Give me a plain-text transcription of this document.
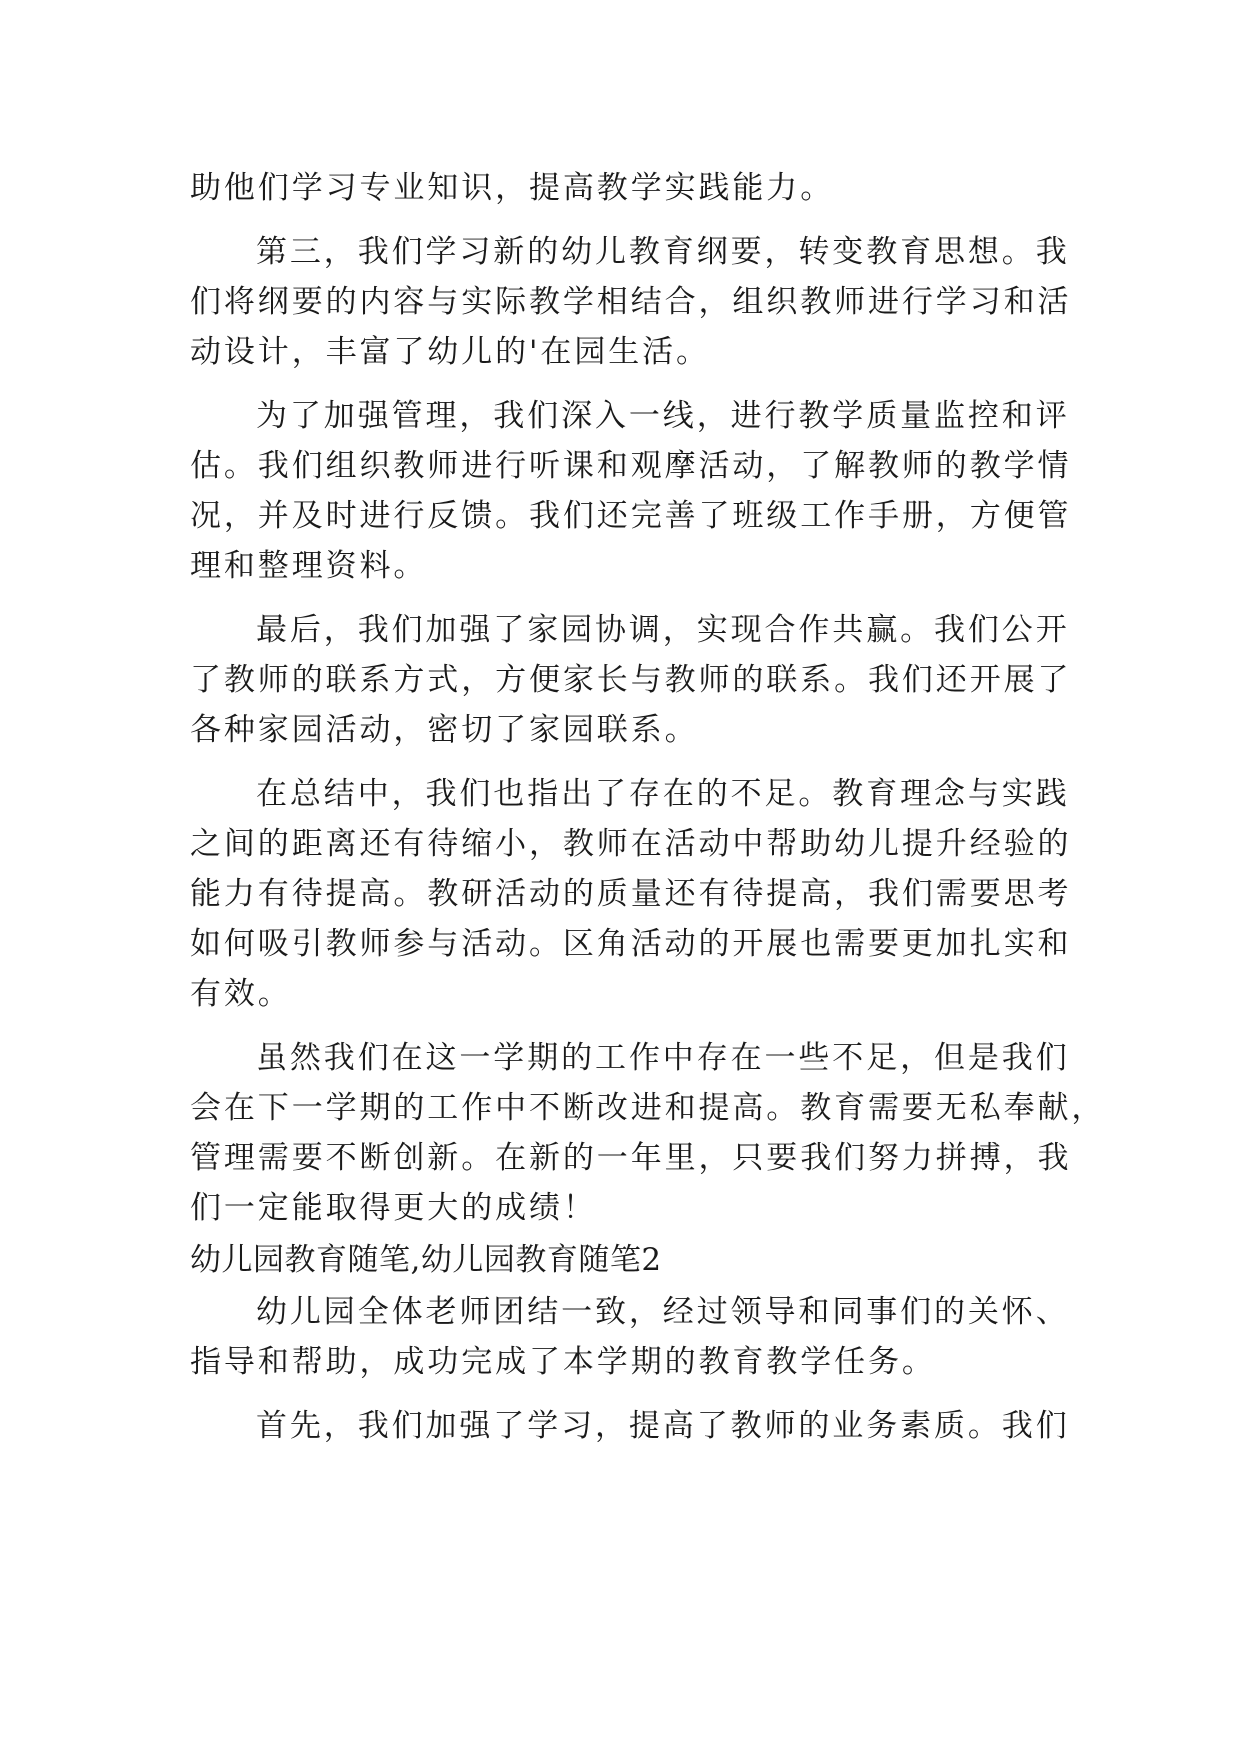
助他们学习专业知识，提高教学实践能力。
第三，我们学习新的幼儿教育纲要，转变教育思想。我
们将纲要的内容与实际教学相结合，组织教师进行学习和活
动设计，丰富了幼儿的'在园生活。
为了加强管理，我们深入一线，进行教学质量监控和评
估。我们组织教师进行听课和观摩活动，了解教师的教学情
况，并及时进行反馈。我们还完善了班级工作手册，方便管
理和整理资料。
最后，我们加强了家园协调，实现合作共赢。我们公开
了教师的联系方式，方便家长与教师的联系。我们还开展了
各种家园活动，密切了家园联系。
在总结中，我们也指出了存在的不足。教育理念与实践
之间的距离还有待缩小，教师在活动中帮助幼儿提升经验的
能力有待提高。教研活动的质量还有待提高，我们需要思考
如何吸引教师参与活动。区角活动的开展也需要更加扎实和
有效。
虽然我们在这一学期的工作中存在一些不足，但是我们
会在下一学期的工作中不断改进和提高。教育需要无私奉献，
管理需要不断创新。在新的一年里，只要我们努力拼搏，我
们一定能取得更大的成绩！
幼儿园教育随笔,幼儿园教育随笔2
幼儿园全体老师团结一致，经过领导和同事们的关怀、
指导和帮助，成功完成了本学期的教育教学任务。
首先，我们加强了学习，提高了教师的业务素质。我们
